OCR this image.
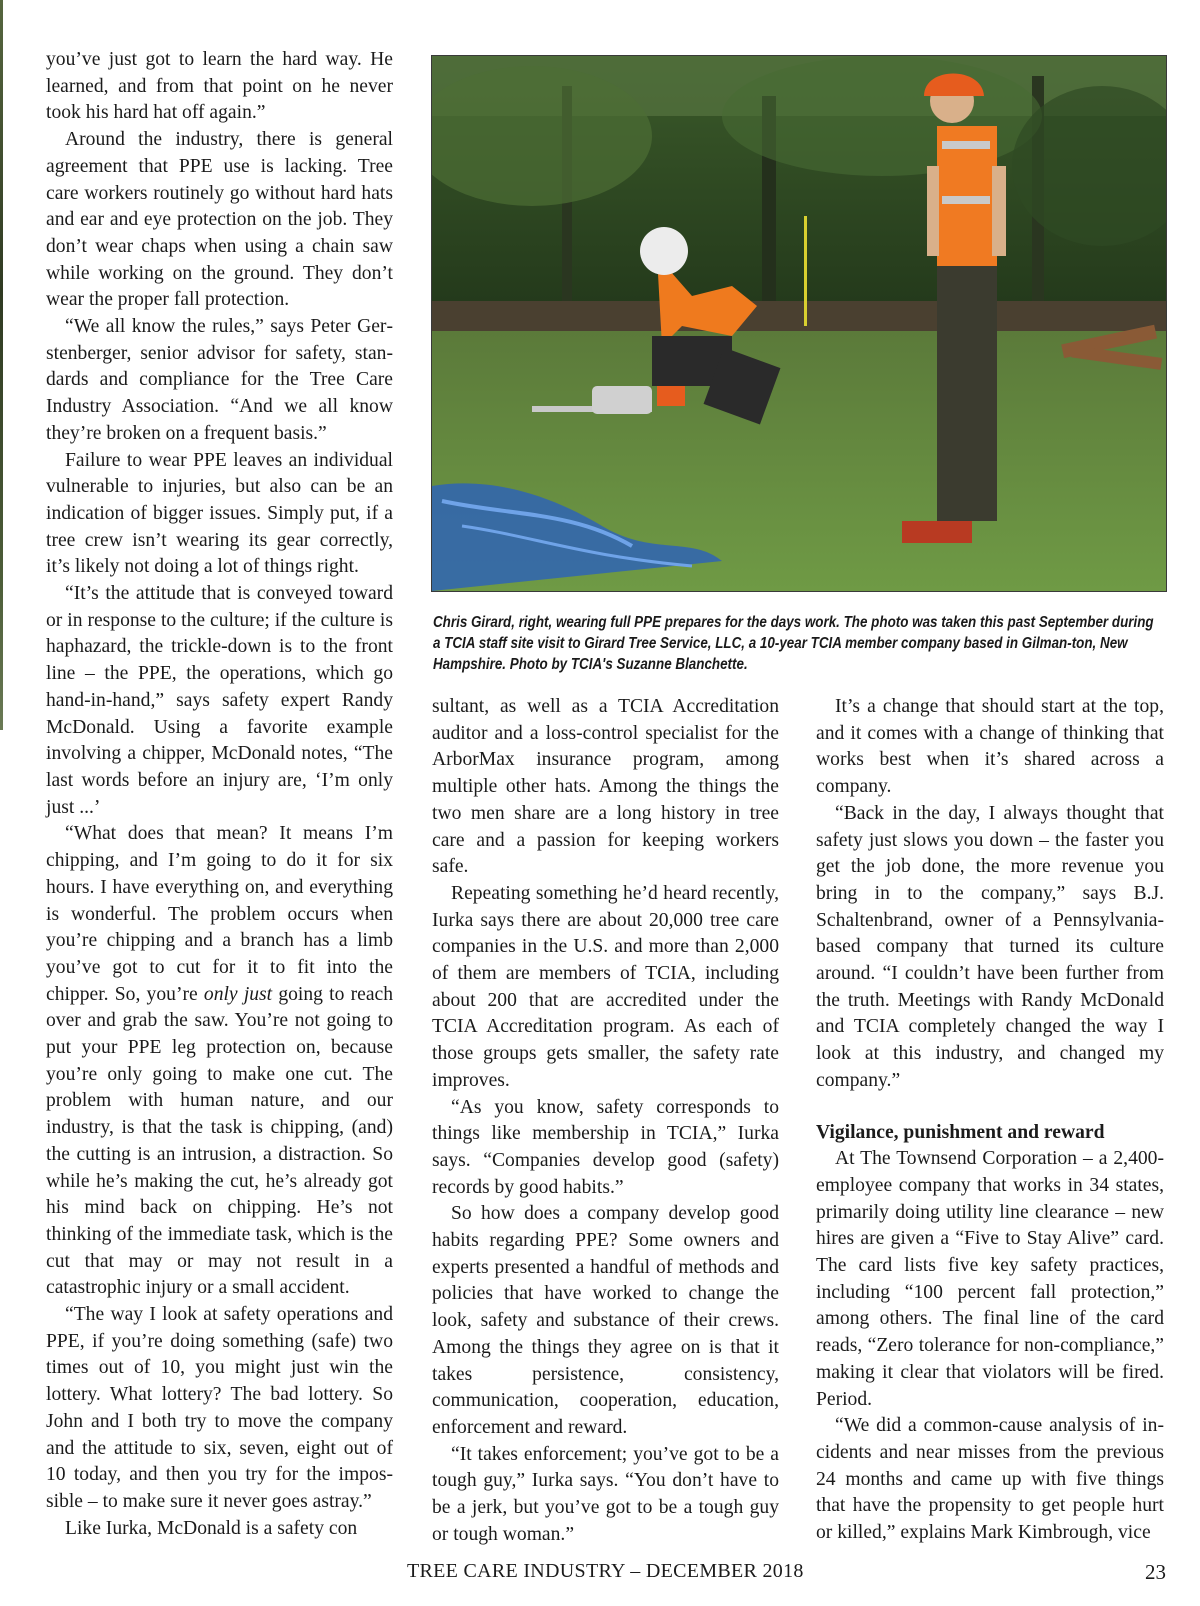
you’ve just got to learn the hard way. He learned, and from that point on he never took his hard hat off again.”

Around the industry, there is general agreement that PPE use is lacking. Tree care workers routinely go without hard hats and ear and eye protection on the job. They don’t wear chaps when using a chain saw while working on the ground. They don’t wear the proper fall protection.

“We all know the rules,” says Peter Gerstenberger, senior advisor for safety, standards and compliance for the Tree Care Industry Association. “And we all know they’re broken on a frequent basis.”

Failure to wear PPE leaves an individual vulnerable to injuries, but also can be an indication of bigger issues. Simply put, if a tree crew isn’t wearing its gear correctly, it’s likely not doing a lot of things right.

“It’s the attitude that is conveyed toward or in response to the culture; if the culture is haphazard, the trickle-down is to the front line – the PPE, the operations, which go hand-in-hand,” says safety expert Randy McDonald. Using a favorite example involving a chipper, McDonald notes, “The last words before an injury are, ‘I’m only just ...’

“What does that mean? It means I’m chipping, and I’m going to do it for six hours. I have everything on, and everything is wonderful. The problem occurs when you’re chipping and a branch has a limb you’ve got to cut for it to fit into the chipper. So, you’re only just going to reach over and grab the saw. You’re not going to put your PPE leg protection on, because you’re only going to make one cut. The problem with human nature, and our industry, is that the task is chipping, (and) the cutting is an intrusion, a distraction. So while he’s making the cut, he’s already got his mind back on chipping. He’s not thinking of the immediate task, which is the cut that may or may not result in a catastrophic injury or a small accident.

“The way I look at safety operations and PPE, if you’re doing something (safe) two times out of 10, you might just win the lottery. What lottery? The bad lottery. So John and I both try to move the company and the attitude to six, seven, eight out of 10 today, and then you try for the impossible – to make sure it never goes astray.”

Like Iurka, McDonald is a safety con

Chris Girard, right, wearing full PPE prepares for the days work. The photo was taken this past September during a TCIA staff site visit to Girard Tree Service, LLC, a 10-year TCIA member company based in Gilman-ton, New Hampshire. Photo by TCIA's Suzanne Blanchette.

sultant, as well as a TCIA Accreditation auditor and a loss-control specialist for the ArborMax insurance program, among multiple other hats. Among the things the two men share are a long history in tree care and a passion for keeping workers safe.

Repeating something he’d heard recently, Iurka says there are about 20,000 tree care companies in the U.S. and more than 2,000 of them are members of TCIA, including about 200 that are accredited under the TCIA Accreditation program. As each of those groups gets smaller, the safety rate improves.

“As you know, safety corresponds to things like membership in TCIA,” Iurka says. “Companies develop good (safety) records by good habits.”

So how does a company develop good habits regarding PPE? Some owners and experts presented a handful of methods and policies that have worked to change the look, safety and substance of their crews. Among the things they agree on is that it takes persistence, consistency, communication, cooperation, education, enforcement and reward.

“It takes enforcement; you’ve got to be a tough guy,” Iurka says. “You don’t have to be a jerk, but you’ve got to be a tough guy or tough woman.”

It’s a change that should start at the top, and it comes with a change of thinking that works best when it’s shared across a company.

“Back in the day, I always thought that safety just slows you down – the faster you get the job done, the more revenue you bring in to the company,” says B.J. Schaltenbrand, owner of a Pennsylvania-based company that turned its culture around. “I couldn’t have been further from the truth. Meetings with Randy McDonald and TCIA completely changed the way I look at this industry, and changed my company.”

Vigilance, punishment and reward

At The Townsend Corporation – a 2,400-employee company that works in 34 states, primarily doing utility line clearance – new hires are given a “Five to Stay Alive” card. The card lists five key safety practices, including “100 percent fall protection,” among others. The final line of the card reads, “Zero tolerance for non-compliance,” making it clear that violators will be fired. Period.

“We did a common-cause analysis of incidents and near misses from the previous 24 months and came up with five things that have the propensity to get people hurt or killed,” explains Mark Kimbrough, vice

TREE CARE INDUSTRY – DECEMBER 2018	23
